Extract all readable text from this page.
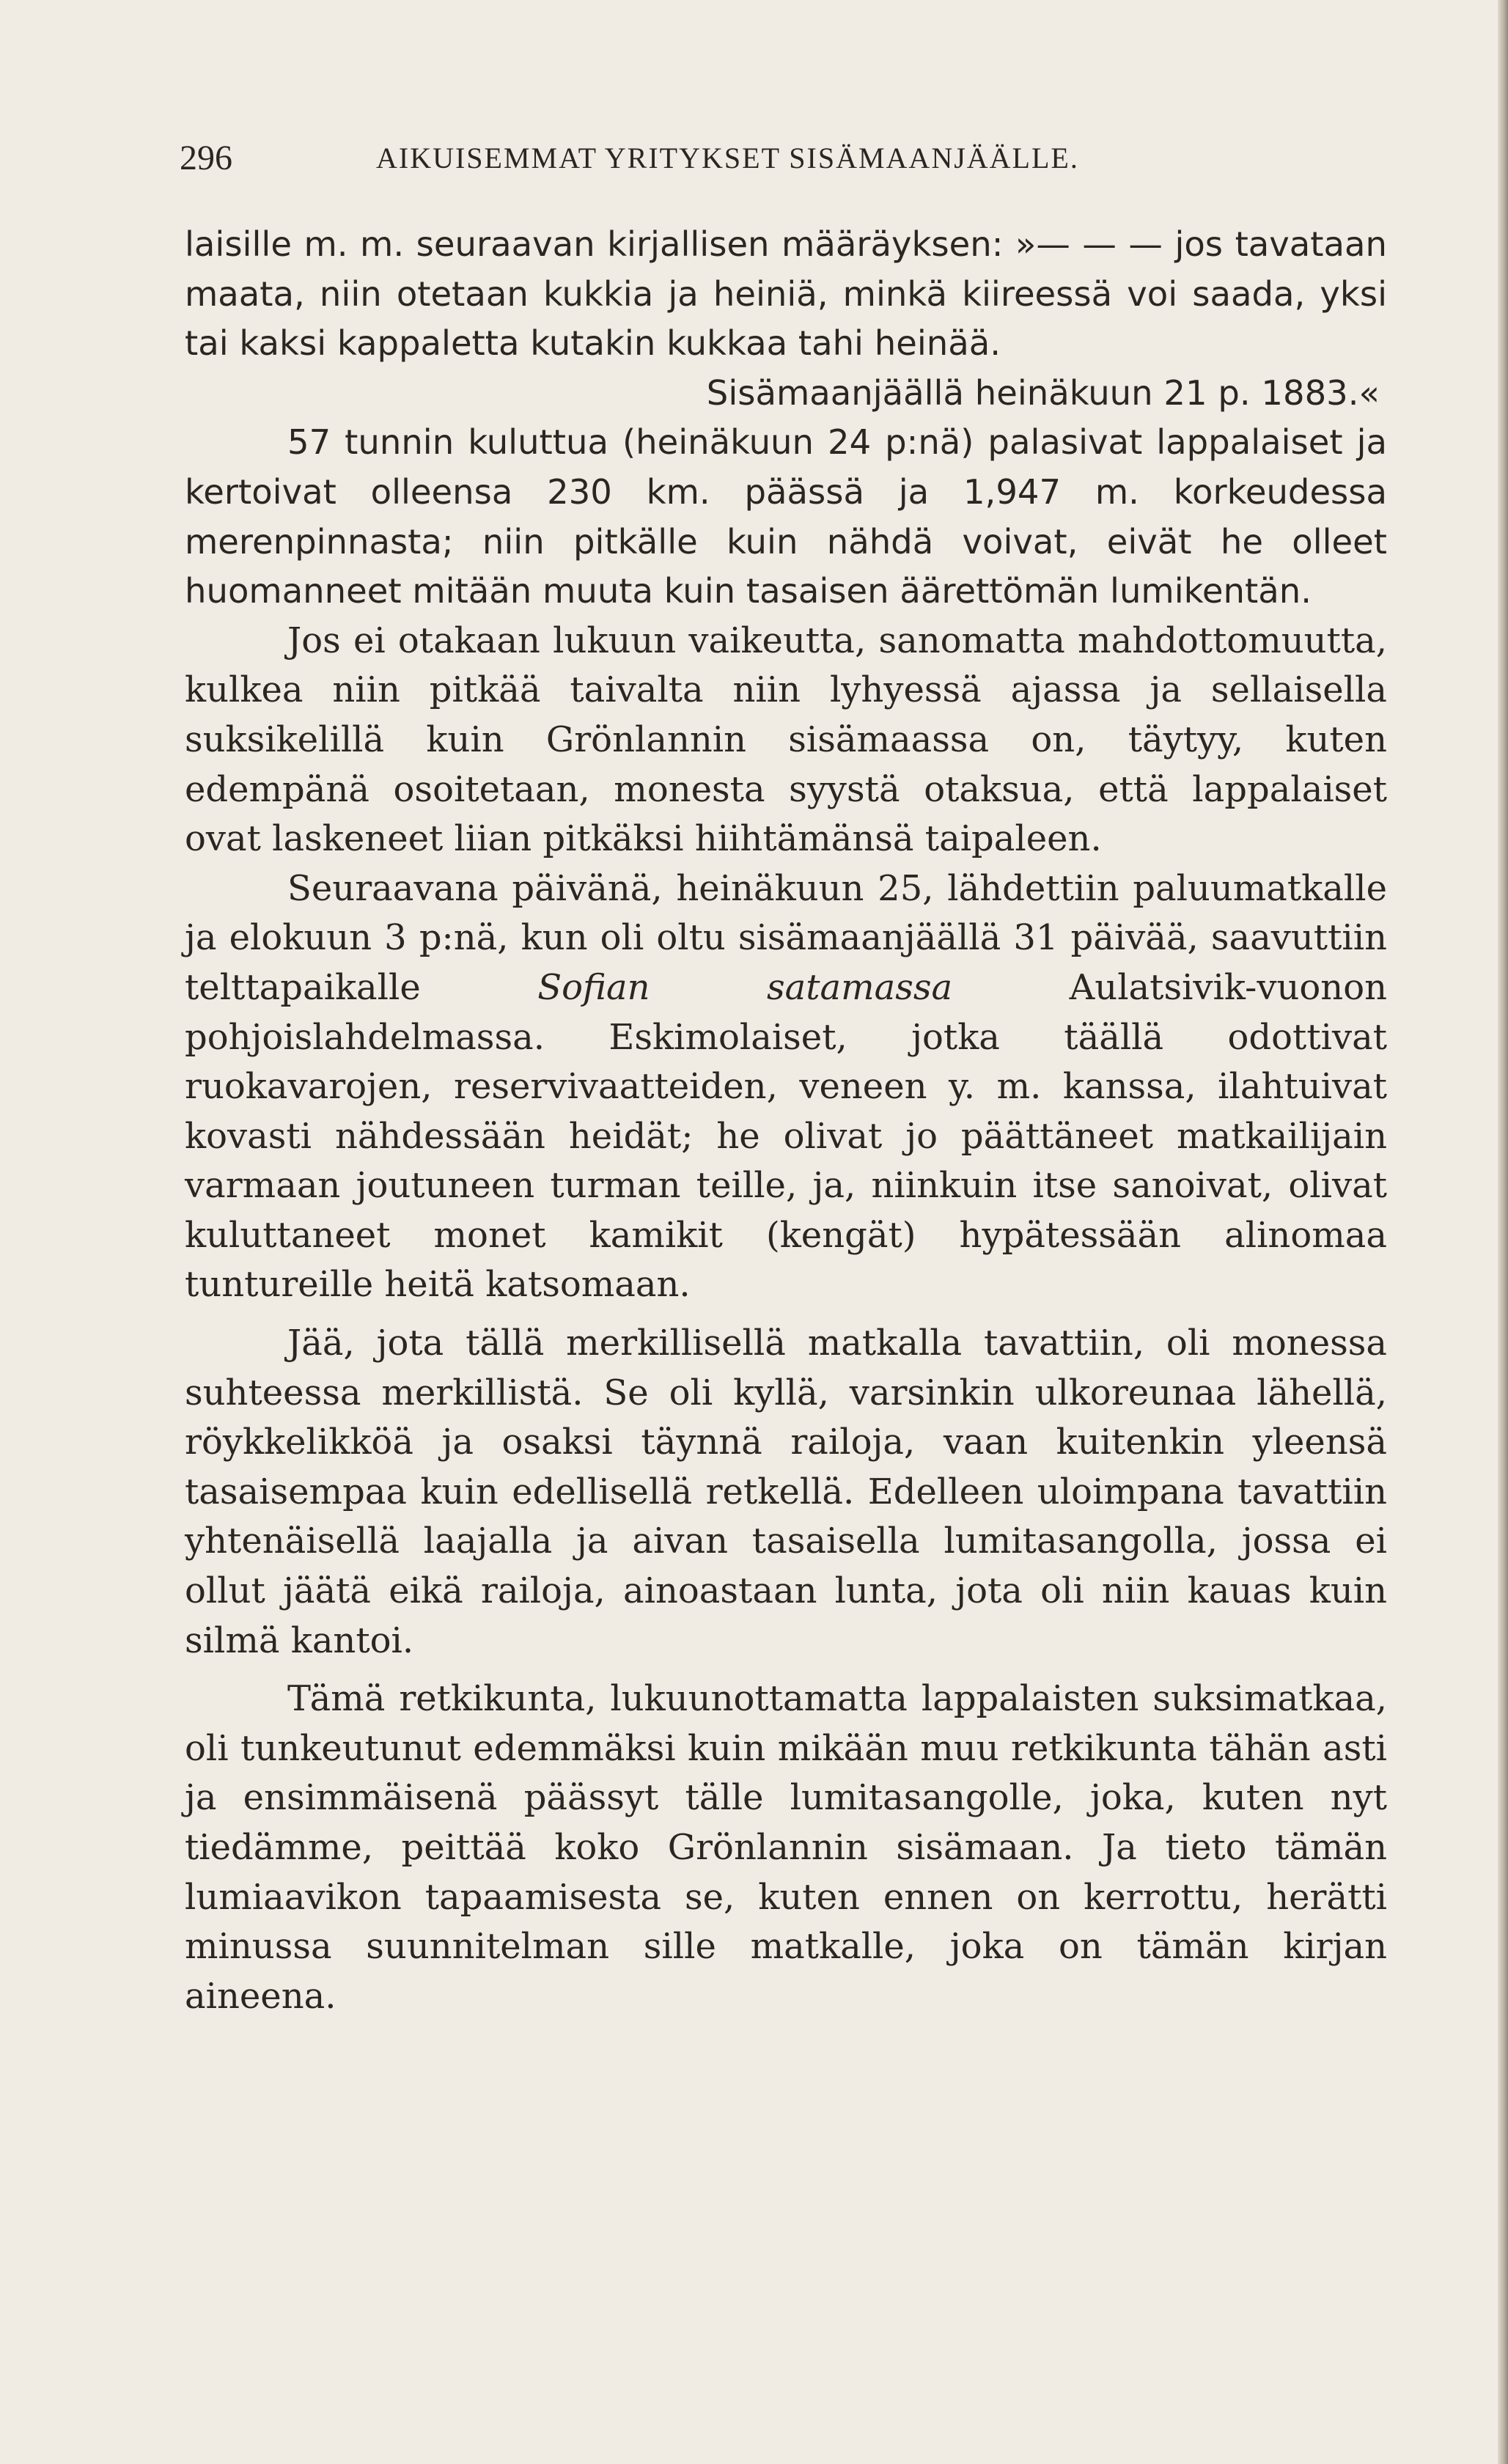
296	AIKUISEMMAT YRITYKSET SISÄMAANJÄÄLLE.

laisille m. m. seuraavan kirjallisen määräyksen: »— — — jos tavataan maata, niin otetaan kukkia ja heiniä, minkä kiireessä voi saada, yksi tai kaksi kappaletta kutakin kukkaa tahi heinää.

Sisämaanjäällä heinäkuun 21 p. 1883.«

57 tunnin kuluttua (heinäkuun 24 p:nä) palasivat lappalaiset ja kertoivat olleensa 230 km. päässä ja 1,947 m. korkeudessa merenpinnasta; niin pitkälle kuin nähdä voivat, eivät he olleet huomanneet mitään muuta kuin tasaisen äärettömän lumikentän.

Jos ei otakaan lukuun vaikeutta, sanomatta mahdottomuutta, kulkea niin pitkää taivalta niin lyhyessä ajassa ja sellaisella suksikelillä kuin Grönlannin sisämaassa on, täytyy, kuten edempänä osoitetaan, monesta syystä otaksua, että lappalaiset ovat laskeneet liian pitkäksi hiihtämänsä taipaleen.

Seuraavana päivänä, heinäkuun 25, lähdettiin paluumatkalle ja elokuun 3 p:nä, kun oli oltu sisämaanjäällä 31 päivää, saavuttiin telttapaikalle	Sofian satamassa	Aulatsivik-vuonon pohjoislahdelmassa. Eskimolaiset, jotka täällä odottivat ruokavarojen, reservivaatteiden, veneen y. m. kanssa, ilahtuivat kovasti nähdessään heidät; he olivat jo päättäneet matkailijain varmaan joutuneen turman teille, ja, niinkuin itse sanoivat, olivat kuluttaneet monet kamikit (kengät) hypätessään alinomaa tuntureille heitä katsomaan.

Jää, jota tällä merkillisellä matkalla tavattiin, oli monessa suhteessa merkillistä. Se oli kyllä, varsinkin ulkoreunaa lähellä, röykkelikköä ja osaksi täynnä railoja, vaan kuitenkin yleensä tasaisempaa kuin edellisellä retkellä. Edelleen uloimpana tavattiin yhtenäisellä laajalla ja aivan tasaisella lumitasangolla, jossa ei ollut jäätä eikä railoja, ainoastaan lunta, jota oli niin kauas kuin silmä kantoi.

Tämä retkikunta, lukuunottamatta lappalaisten suksimatkaa, oli tunkeutunut edemmäksi kuin mikään muu retkikunta tähän asti ja ensimmäisenä päässyt tälle lumitasangolle, joka, kuten nyt tiedämme, peittää koko Grönlannin sisämaan. Ja tieto tämän lumiaavikon tapaamisesta se, kuten ennen on kerrottu, herätti minussa suunnitelman sille matkalle, joka on tämän kirjan aineena.
